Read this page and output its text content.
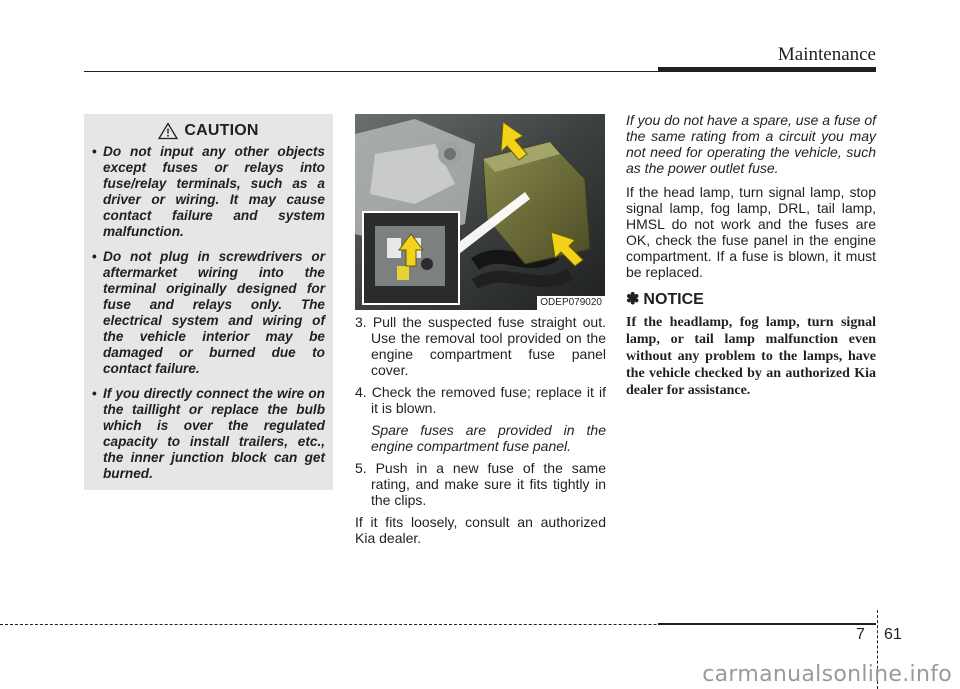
Maintenance
CAUTION
• Do not input any other objects except fuses or relays into fuse/relay terminals, such as a driver or wiring. It may cause contact failure and system malfunction.
• Do not plug in screwdrivers or aftermarket wiring into the terminal originally designed for fuse and relays only. The electrical system and wiring of the vehicle interior may be damaged or burned due to contact failure.
• If you directly connect the wire on the taillight or replace the bulb which is over the regulated capacity to install trailers, etc., the inner junction block can get burned.
ODEP079020

3. Pull the suspected fuse straight out. Use the removal tool provided on the engine compartment fuse panel cover.

4. Check the removed fuse; replace it if it is blown.

Spare fuses are provided in the engine compartment fuse panel.

5. Push in a new fuse of the same rating, and make sure it fits tightly in the clips.

If it fits loosely, consult an authorized Kia dealer.

If you do not have a spare, use a fuse of the same rating from a circuit you may not need for operating the vehicle, such as the power outlet fuse.

If the head lamp, turn signal lamp, stop signal lamp, fog lamp, DRL, tail lamp, HMSL do not work and the fuses are OK, check the fuse panel in the engine compartment. If a fuse is blown, it must be replaced.

✽ NOTICE

If the headlamp, fog lamp, turn signal lamp, or tail lamp malfunction even without any problem to the lamps, have the vehicle checked by an authorized Kia dealer for assistance.

7 61
carmanualsonline.info
